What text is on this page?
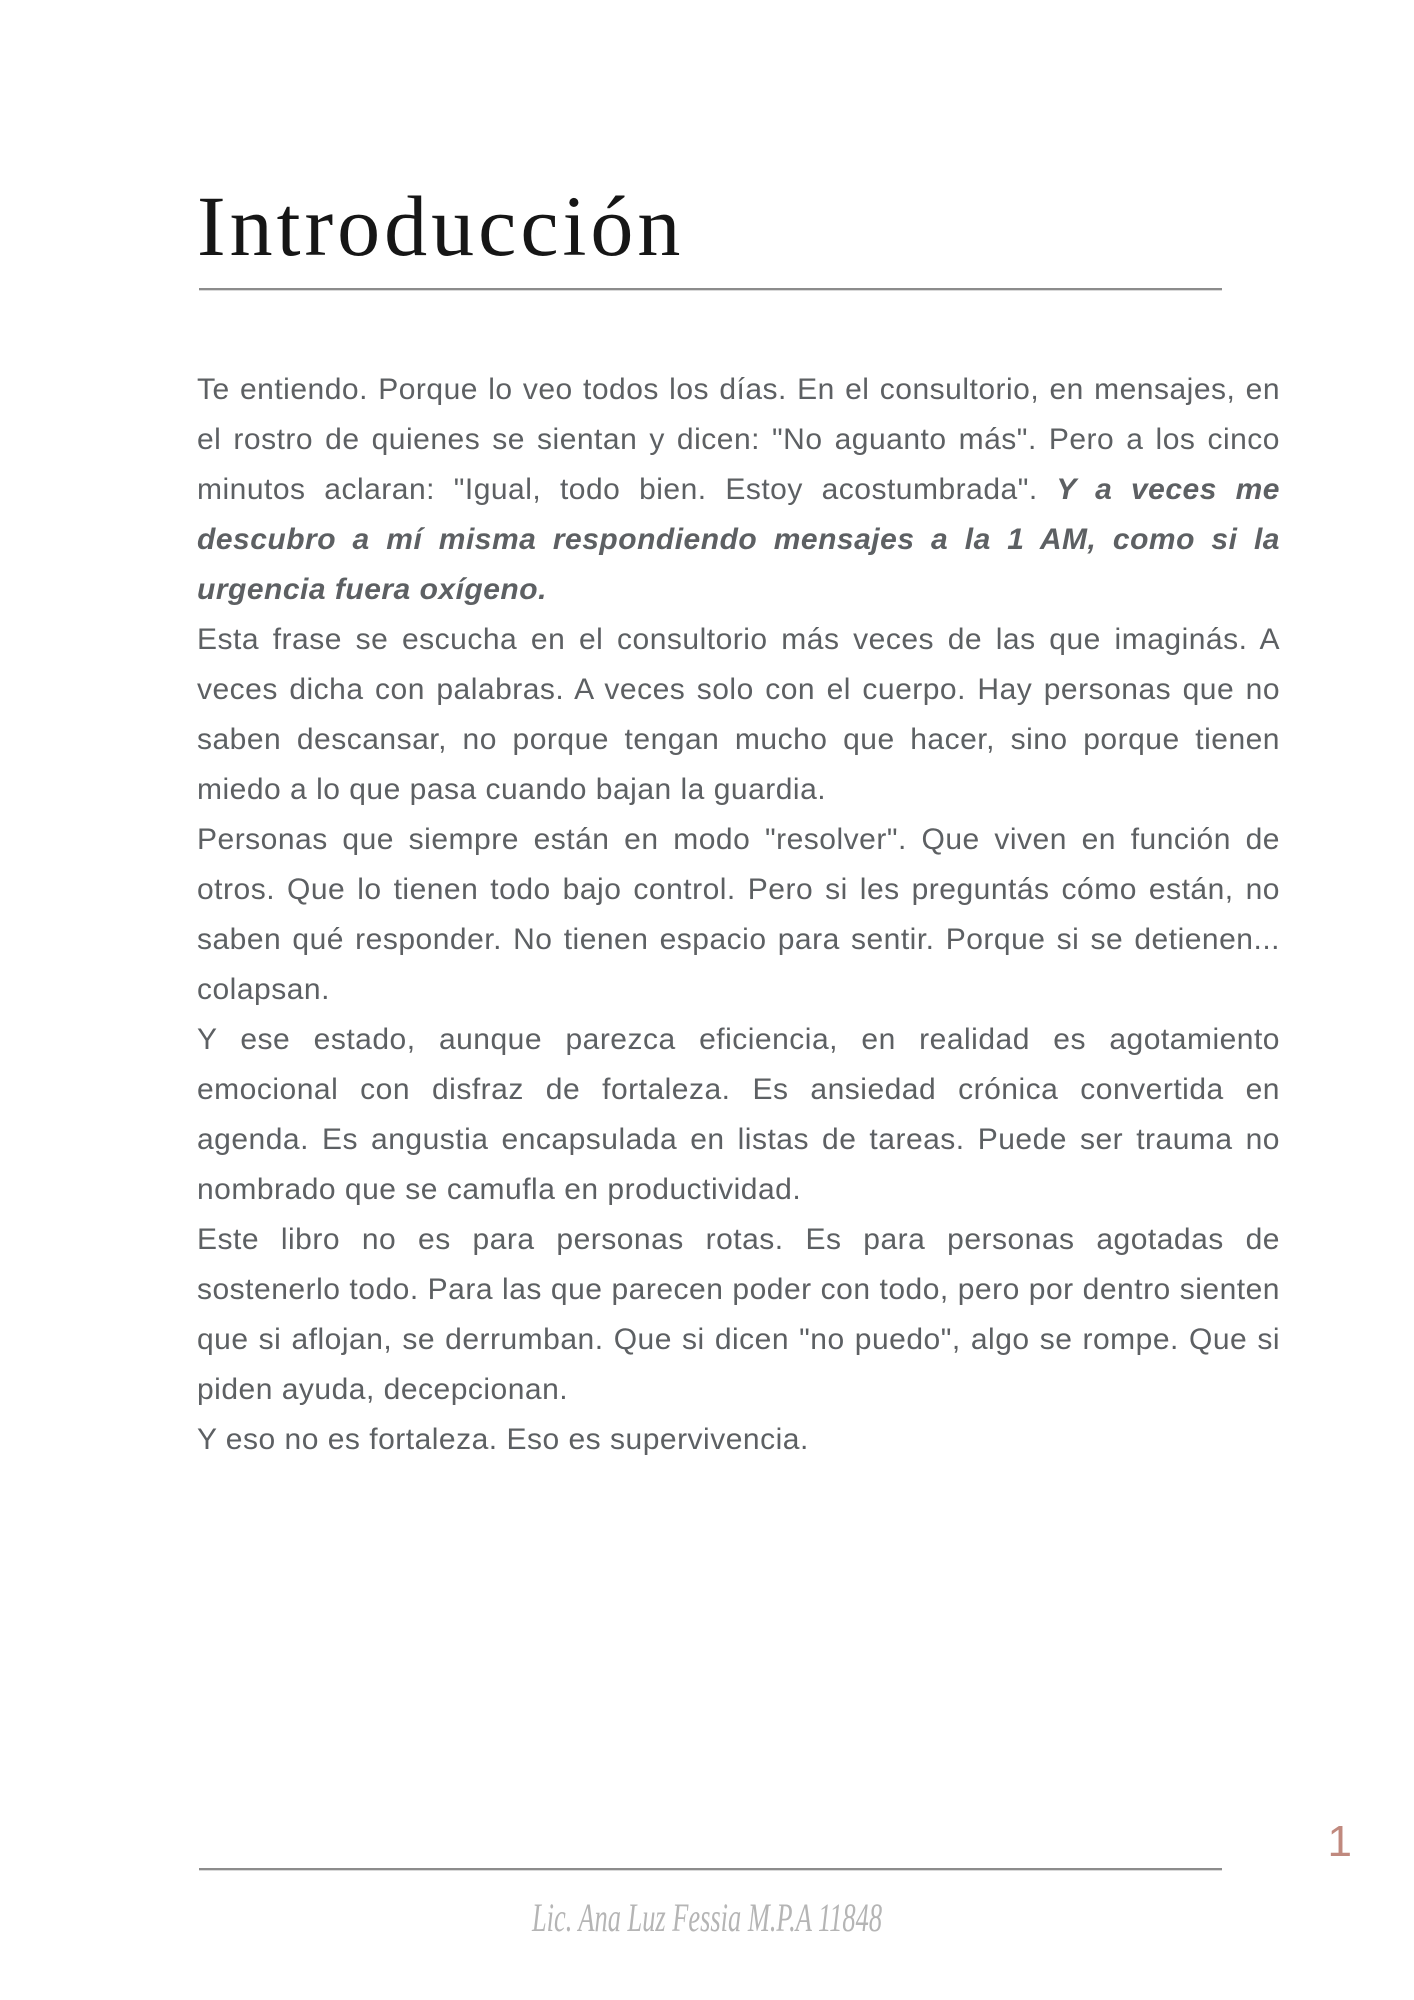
Introducción

Te entiendo. Porque lo veo todos los días. En el consultorio, en mensajes, en el rostro de quienes se sientan y dicen: "No aguanto más". Pero a los cinco minutos aclaran: "Igual, todo bien. Estoy acostumbrada". Y a veces me descubro a mí misma respondiendo mensajes a la 1 AM, como si la urgencia fuera oxígeno.

Esta frase se escucha en el consultorio más veces de las que imaginás. A veces dicha con palabras. A veces solo con el cuerpo. Hay personas que no saben descansar, no porque tengan mucho que hacer, sino porque tienen miedo a lo que pasa cuando bajan la guardia.

Personas que siempre están en modo "resolver". Que viven en función de otros. Que lo tienen todo bajo control. Pero si les preguntás cómo están, no saben qué responder. No tienen espacio para sentir. Porque si se detienen... colapsan.

Y ese estado, aunque parezca eficiencia, en realidad es agotamiento emocional con disfraz de fortaleza. Es ansiedad crónica convertida en agenda. Es angustia encapsulada en listas de tareas. Puede ser trauma no nombrado que se camufla en productividad.

Este libro no es para personas rotas. Es para personas agotadas de sostenerlo todo. Para las que parecen poder con todo, pero por dentro sienten que si aflojan, se derrumban. Que si dicen "no puedo", algo se rompe. Que si piden ayuda, decepcionan.

Y eso no es fortaleza. Eso es supervivencia.

1

Lic. Ana Luz Fessia M.P.A 11848
